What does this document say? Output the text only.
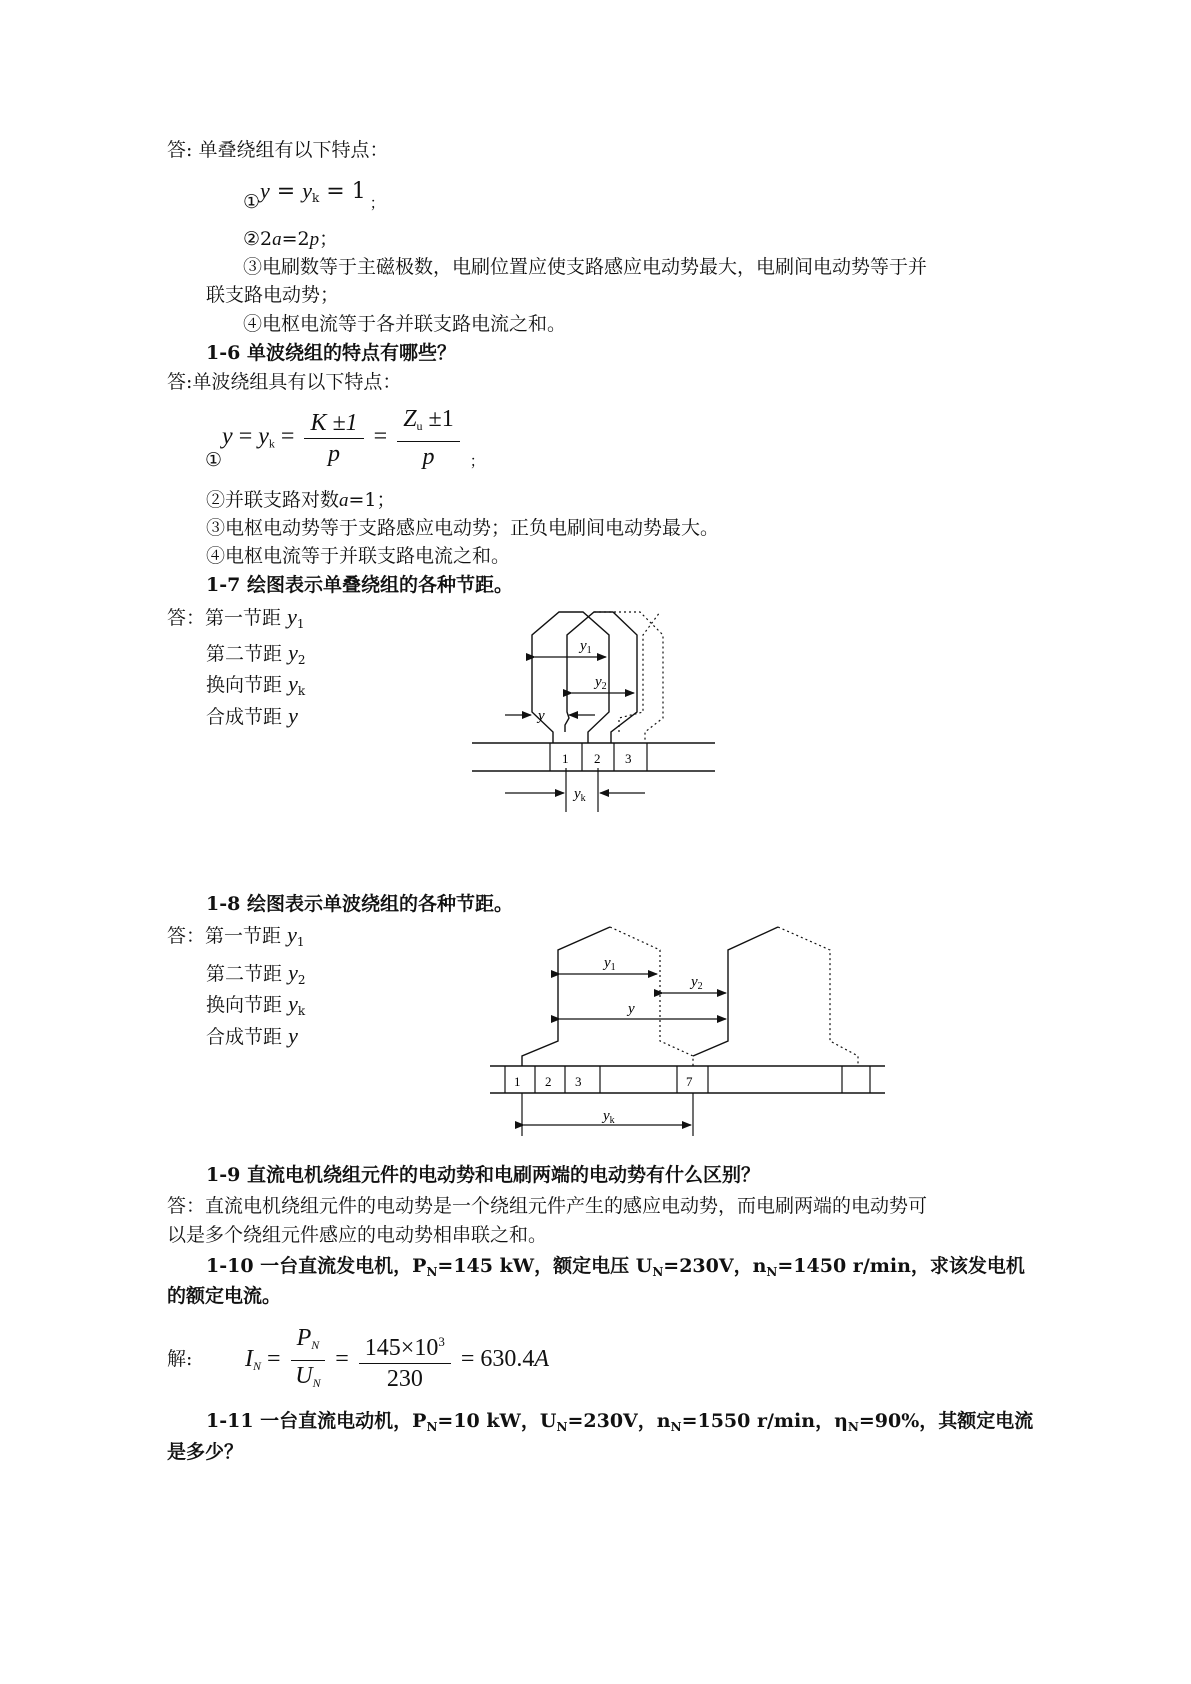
答: 单叠绕组有以下特点：
①y = $y_k = 1$ $_;$
②2a=2p；
③电刷数等于主磁极数，电刷位置应使支路感应电动势最大，电刷间电动势等于并
联支路电动势；
④电枢电流等于各并联支路电流之和。
1-6 单波绕组的特点有哪些？
答:单波绕组具有以下特点：
$_①y = y_k = \frac{K \pm 1}{p} = \frac{Z_u \pm 1}{p} _;$
②并联支路对数a=1；
③电枢电动势等于支路感应电动势；正负电刷间电动势最大。
④电枢电流等于并联支路电流之和。
1-7 绘图表示单叠绕组的各种节距。
答：第一节距 $y_1$
第二节距 $y_2$
换向节距 $y_k$
合成节距 y
1 2 3
$y_1$
$y_2$
y
$y_k$
1-8 绘图表示单波绕组的各种节距。
答：第一节距 $y_1$
第二节距 $y_2$
换向节距 $y_k$
合成节距 y
1 2 3	7
$y_1$
$y_2$
y
$y_k$
1-9 直流电机绕组元件的电动势和电刷两端的电动势有什么区别？
答：直流电机绕组元件的电动势是一个绕组元件产生的感应电动势，而电刷两端的电动势可
以是多个绕组元件感应的电动势相串联之和。
1-10 一台直流发电机，$P_N=145$ kW，额定电压 $U_N=230V$，$n_N=1450$ r/min，求该发电机
的额定电流。
解: $I_N = \frac{P_N}{U_N} = \frac{145\times 10^3}{230} = 630.4A$
1-11 一台直流电动机，$P_N=10$ kW，$U_N=230V$，$n_N=1550$ r/min，$\eta_N=90\%$，其额定电流
是多少？
